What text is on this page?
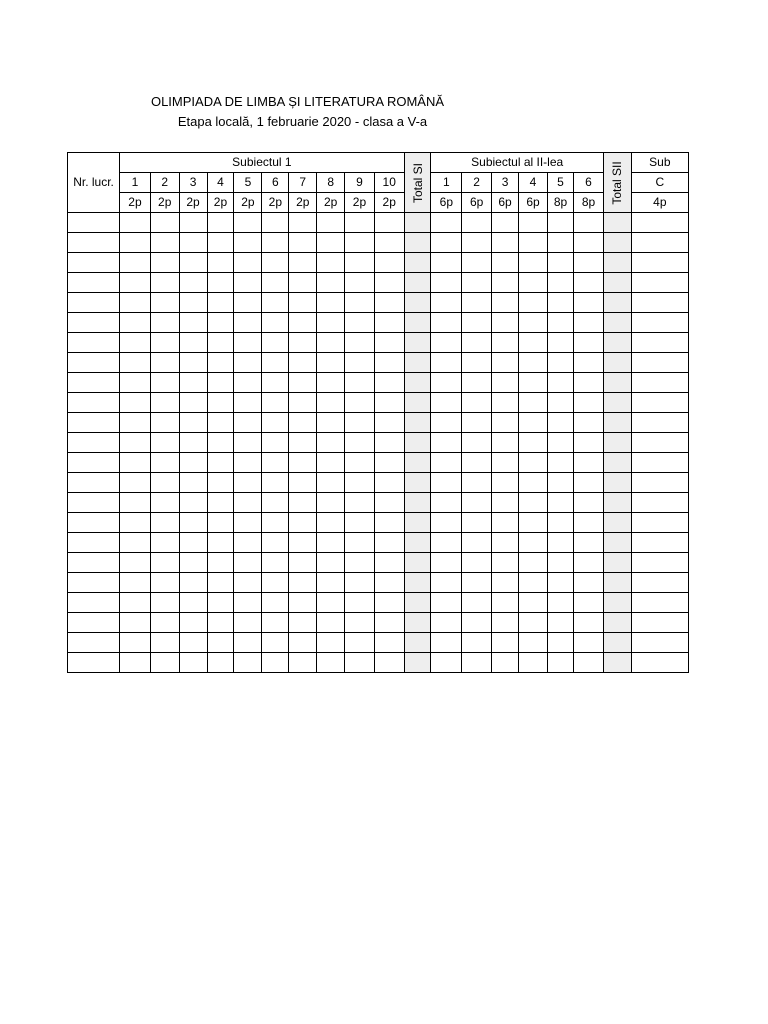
OLIMPIADA DE LIMBA ȘI LITERATURA ROMÂNĂ
Etapa locală, 1 februarie 2020 - clasa a V-a
Nr. lucr.	Subiectul 1										Total SI	Subiectul al II-lea						Total SII	Sub
	1	2	3	4	5	6	7	8	9	10		1	2	3	4	5	6		C
	2p	2p	2p	2p	2p	2p	2p	2p	2p	2p		6p	6p	6p	6p	8p	8p		4p
